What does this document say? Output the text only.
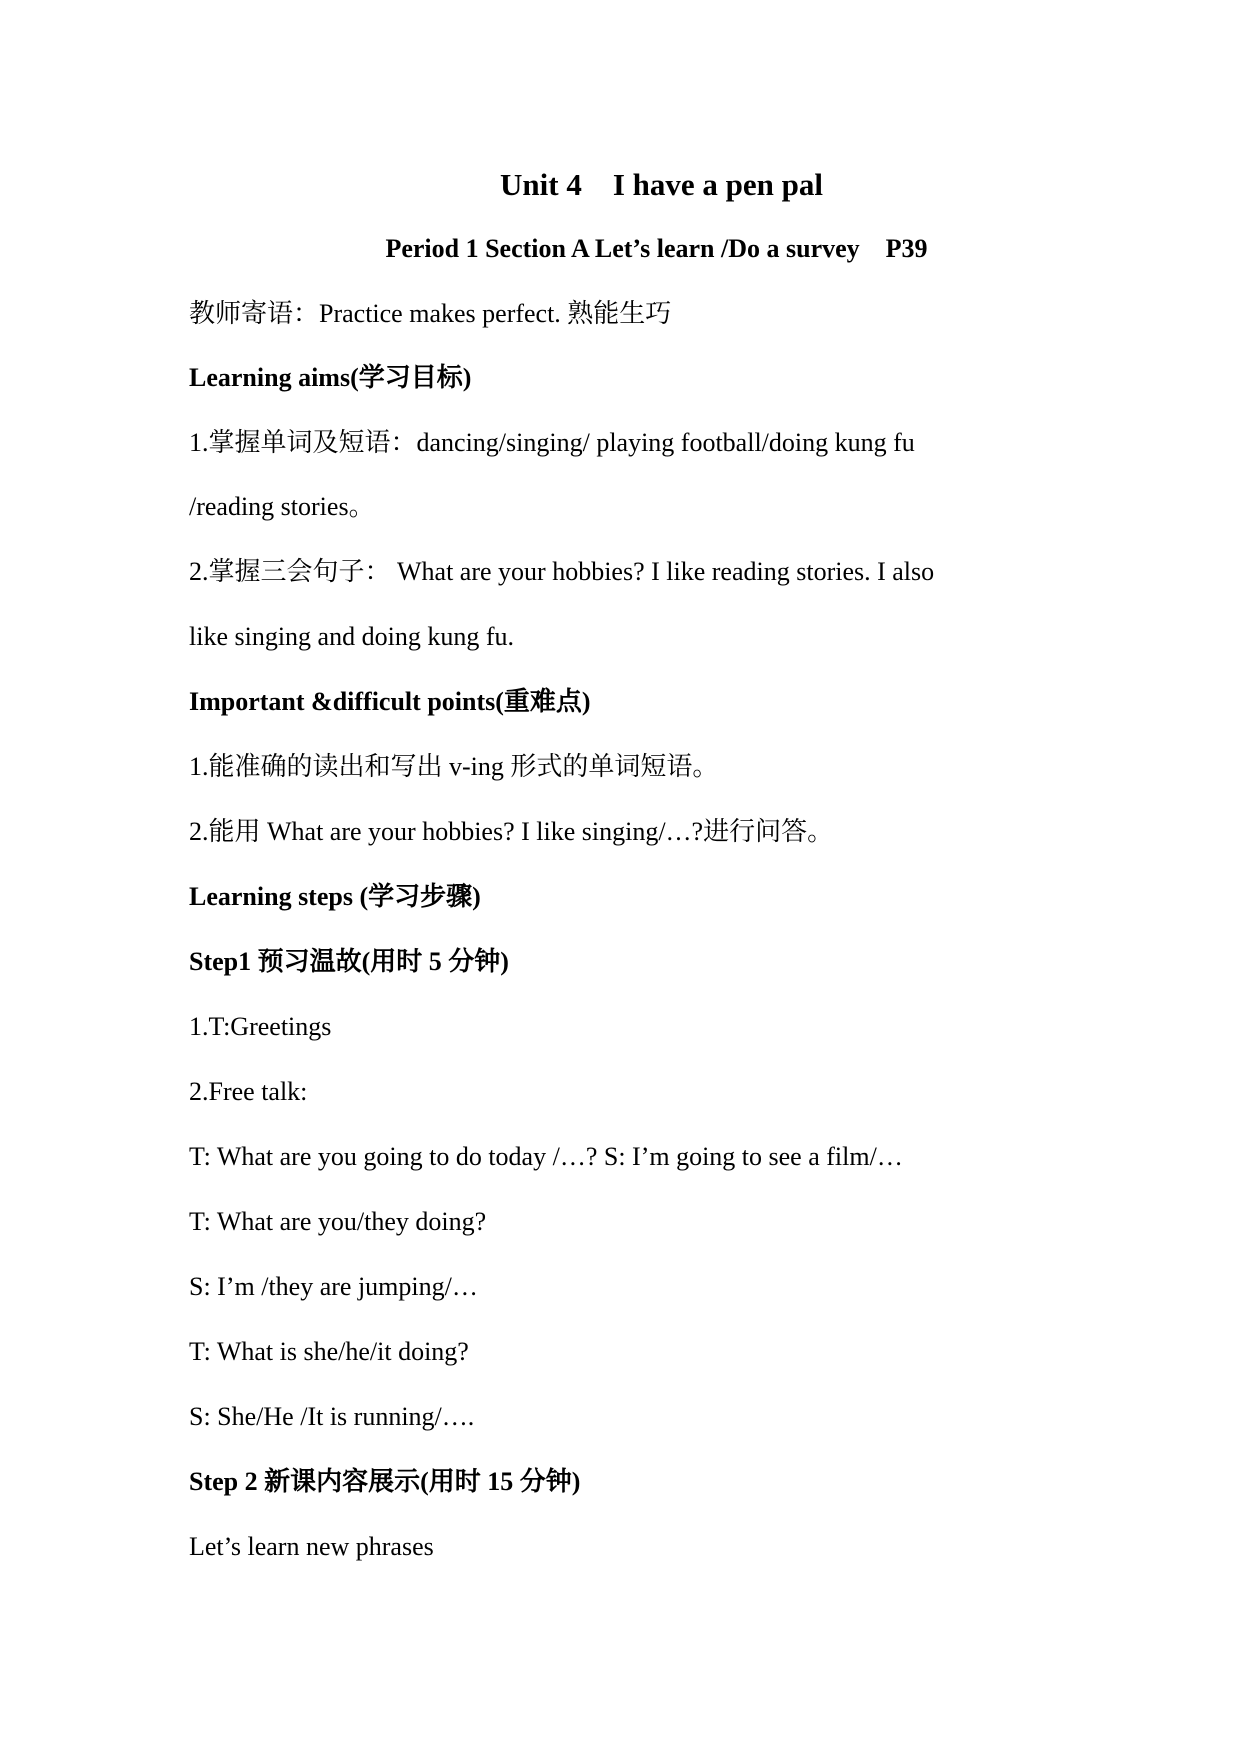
Unit 4    I have a pen pal
Period 1 Section A Let’s learn /Do a survey    P39
教师寄语：Practice makes perfect. 熟能生巧
Learning aims(学习目标)
1.掌握单词及短语：dancing/singing/ playing football/doing kung fu
/reading stories。
2.掌握三会句子： What are your hobbies? I like reading stories. I also
like singing and doing kung fu.
Important &difficult points(重难点)
1.能准确的读出和写出 v-ing 形式的单词短语。
2.能用 What are your hobbies? I like singing/…?进行问答。
Learning steps (学习步骤)
Step1 预习温故(用时 5 分钟)
1.T:Greetings
2.Free talk:
T: What are you going to do today /…? S: I’m going to see a film/…
T: What are you/they doing?
S: I’m /they are jumping/…
T: What is she/he/it doing?
S: She/He /It is running/….
Step 2 新课内容展示(用时 15 分钟)
Let’s learn new phrases
